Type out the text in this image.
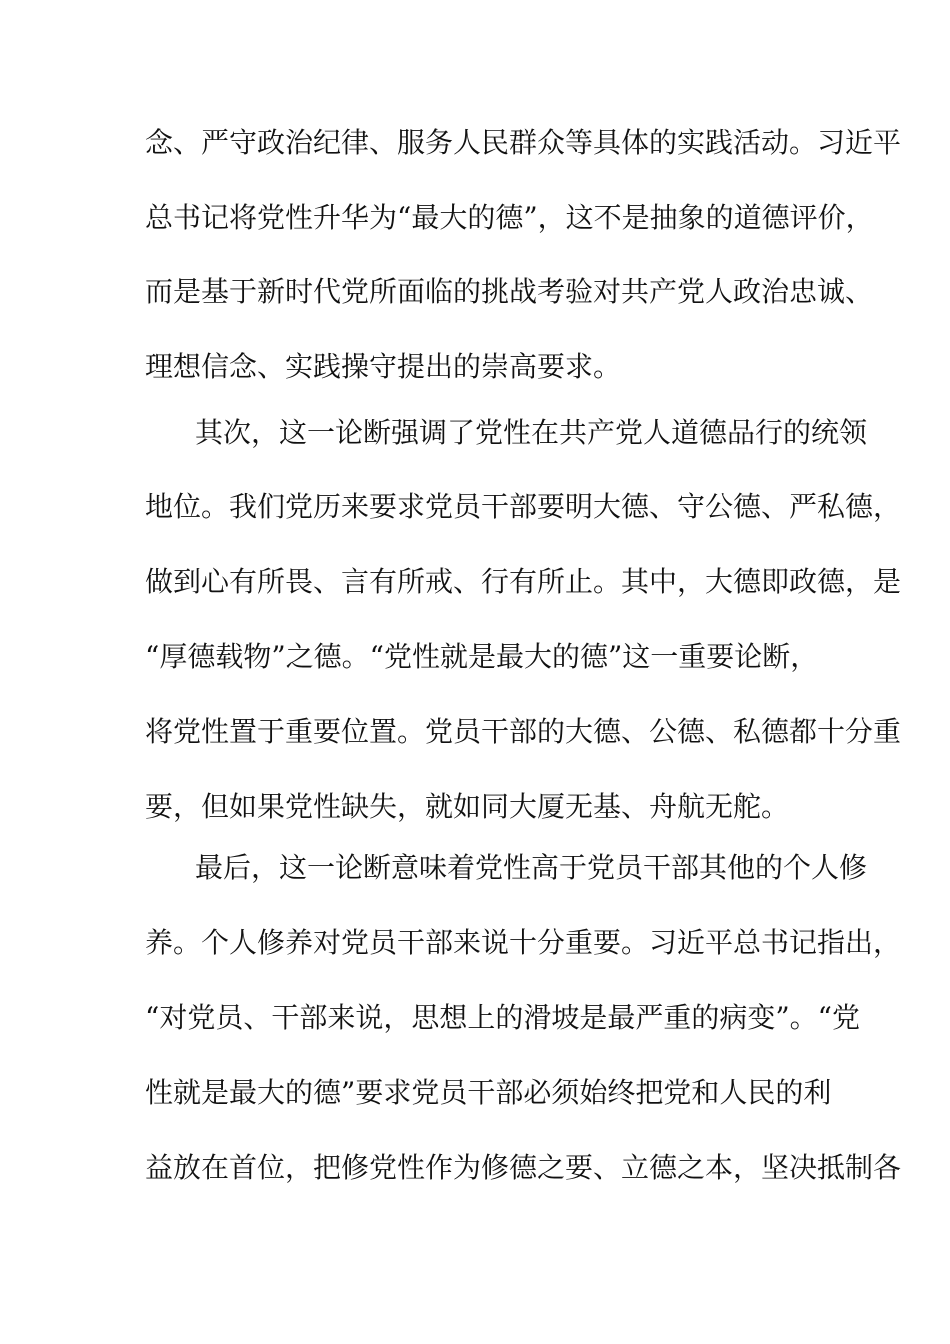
念、严守政治纪律、服务人民群众等具体的实践活动。习近平
总书记将党性升华为“最大的德”，这不是抽象的道德评价，
而是基于新时代党所面临的挑战考验对共产党人政治忠诚、
理想信念、实践操守提出的崇高要求。
其次，这一论断强调了党性在共产党人道德品行的统领
地位。我们党历来要求党员干部要明大德、守公德、严私德，
做到心有所畏、言有所戒、行有所止。其中，大德即政德，是
“厚德载物”之德。“党性就是最大的德”这一重要论断，
将党性置于重要位置。党员干部的大德、公德、私德都十分重
要，但如果党性缺失，就如同大厦无基、舟航无舵。
最后，这一论断意味着党性高于党员干部其他的个人修
养。个人修养对党员干部来说十分重要。习近平总书记指出，
“对党员、干部来说，思想上的滑坡是最严重的病变”。“党
性就是最大的德”要求党员干部必须始终把党和人民的利
益放在首位，把修党性作为修德之要、立德之本，坚决抵制各
